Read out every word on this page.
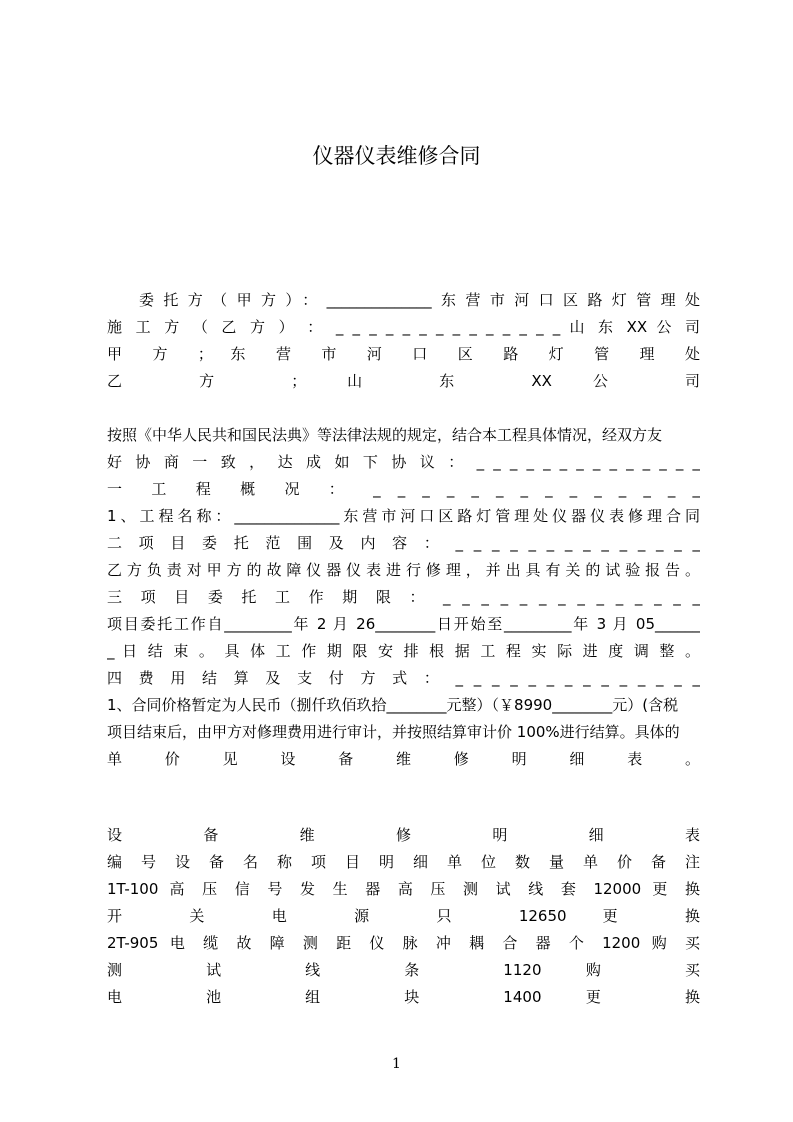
仪器仪表维修合同
委托方（甲方）：______________东营市河口区路灯管理处
施 工 方 （ 乙 方 ） ： _ _ _ _ _ _ _ _ _ _ _ _ _ _ 山 东 XX 公 司
甲 方 ； 东 营 市 河 口 区 路 灯 管 理 处
乙 方 ； 山 东 XX 公 司
按照《中华人民共和国民法典》等法律法规的规定，结合本工程具体情况，经双方友
好 协 商 一 致 ， 达 成 如 下 协 议 ： _ _ _ _ _ _ _ _ _ _ _ _ _ _
一 工 程 概 况 ： _ _ _ _ _ _ _ _ _ _ _ _ _ _
1、工程名称：______________东营市河口区路灯管理处仪器仪表修理合同
二 项 目 委 托 范 围 及 内 容 ： _ _ _ _ _ _ _ _ _ _ _ _ _ _
乙方负责对甲方的故障仪器仪表进行修理，并出具有关的试验报告。
三 项 目 委 托 工 作 期 限 ： _ _ _ _ _ _ _ _ _ _ _ _ _ _
项目委托工作自_________年 2 月 26________日开始至_________年 3 月 05______
_ 日 结 束 。 具 体 工 作 期 限 安 排 根 据 工 程 实 际 进 度 调 整 。
四 费 用 结 算 及 支 付 方 式 ： _ _ _ _ _ _ _ _ _ _ _ _ _ _
1、合同价格暂定为人民币（捌仟玖佰玖拾________元整）（￥8990________元）(含税
项目结束后，由甲方对修理费用进行审计，并按照结算审计价 100%进行结算。具体的
单 价 见 设 备 维 修 明 细 表 。
设 备 维 修 明 细 表
编 号 设 备 名 称 项 目 明 细 单 位 数 量 单 价 备 注
1T-100 高 压 信 号 发 生 器 高 压 测 试 线 套 12000 更 换
开 关 电 源 只 12650 更 换
2T-905 电 缆 故 障 测 距 仪 脉 冲 耦 合 器 个 1200 购 买
测 试 线 条 1120 购 买
电 池 组 块 1400 更 换
1
